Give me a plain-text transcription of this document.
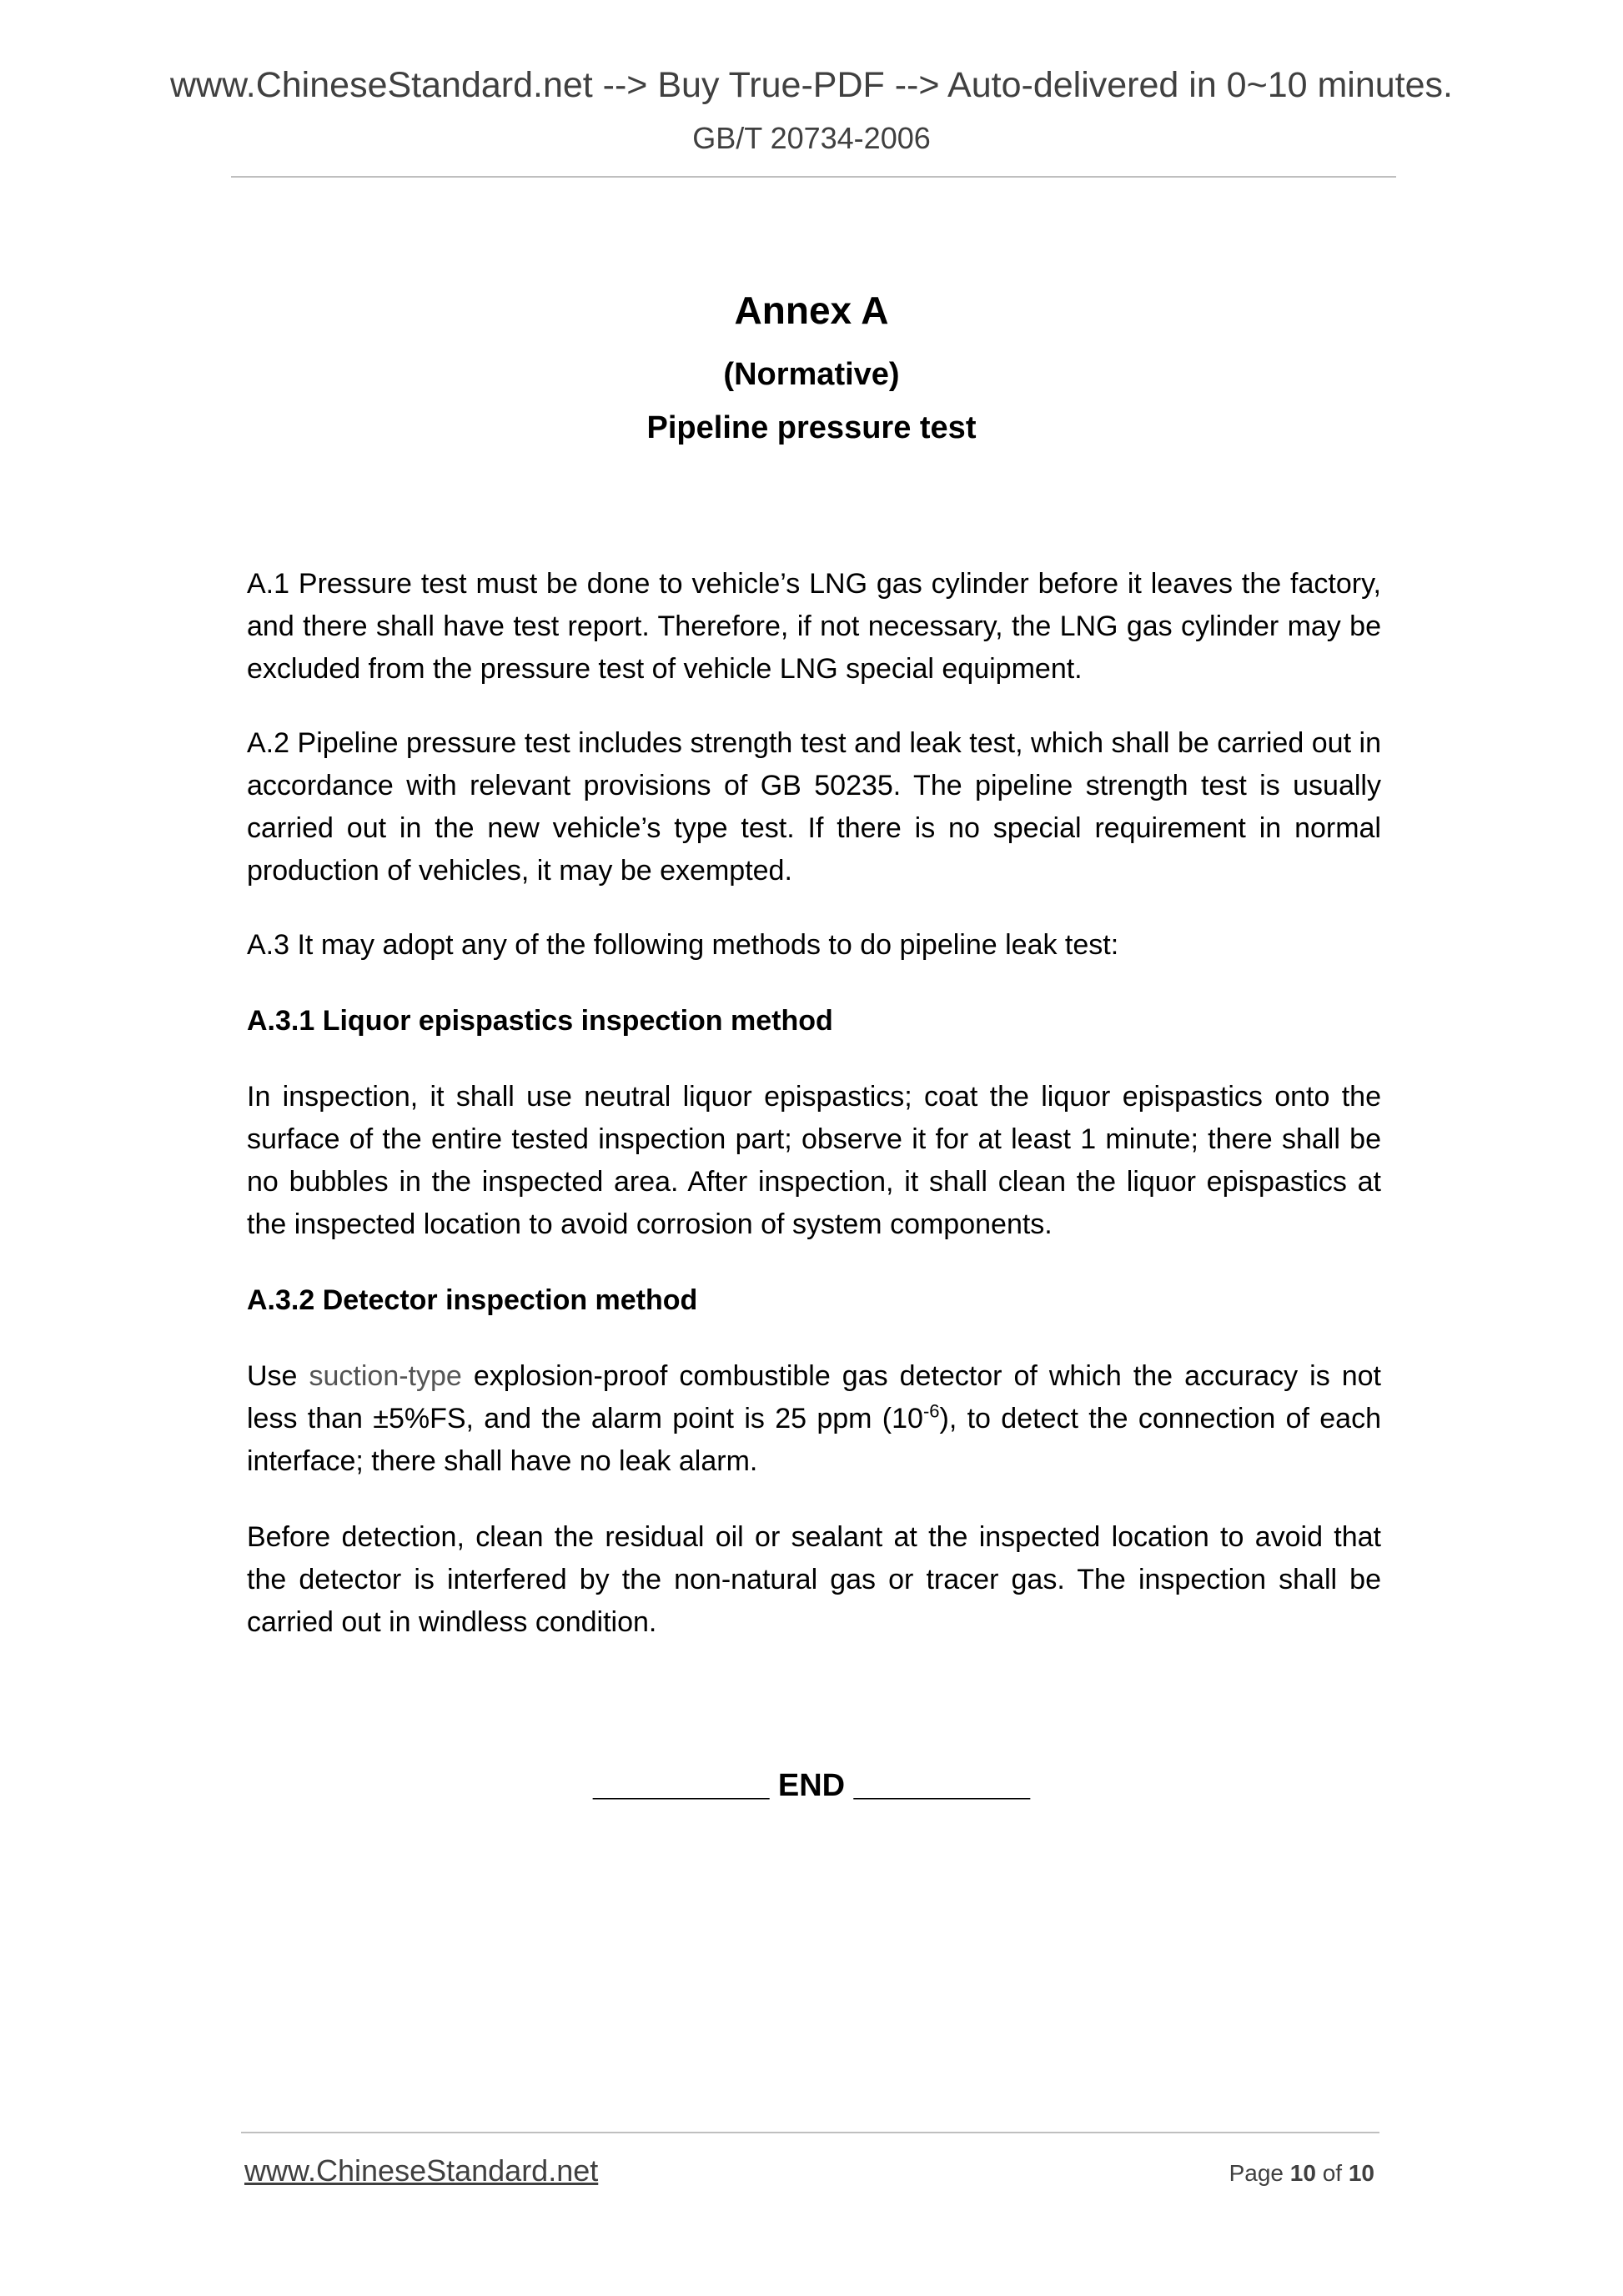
www.ChineseStandard.net --> Buy True-PDF --> Auto-delivered in 0~10 minutes.
GB/T 20734-2006
Annex A
(Normative)
Pipeline pressure test

A.1 Pressure test must be done to vehicle’s LNG gas cylinder before it leaves the factory, and there shall have test report. Therefore, if not necessary, the LNG gas cylinder may be excluded from the pressure test of vehicle LNG special equipment.

A.2 Pipeline pressure test includes strength test and leak test, which shall be carried out in accordance with relevant provisions of GB 50235. The pipeline strength test is usually carried out in the new vehicle’s type test. If there is no special requirement in normal production of vehicles, it may be exempted.

A.3 It may adopt any of the following methods to do pipeline leak test:

A.3.1 Liquor epispastics inspection method

In inspection, it shall use neutral liquor epispastics; coat the liquor epispastics onto the surface of the entire tested inspection part; observe it for at least 1 minute; there shall be no bubbles in the inspected area. After inspection, it shall clean the liquor epispastics at the inspected location to avoid corrosion of system components.

A.3.2 Detector inspection method

Use suction-type explosion-proof combustible gas detector of which the accuracy is not less than ±5%FS, and the alarm point is 25 ppm $(10^{-6})$, to detect the connection of each interface; there shall have no leak alarm.

Before detection, clean the residual oil or sealant at the inspected location to avoid that the detector is interfered by the non-natural gas or tracer gas. The inspection shall be carried out in windless condition.

__________ END __________
www.ChineseStandard.net	Page 10 of 10
